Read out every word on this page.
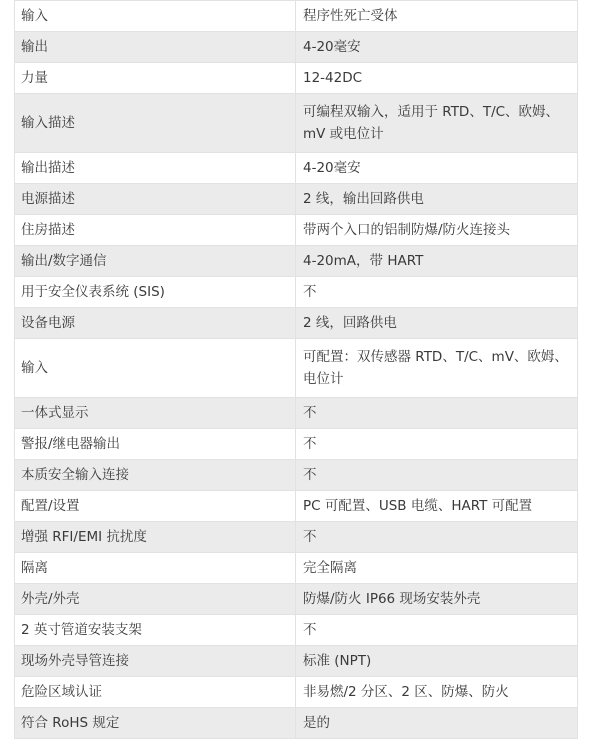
输入	程序性死亡受体
输出	4-20毫安
力量	12-42DC
输入描述	可编程双输入，适用于 RTD、T/C、欧姆、mV 或电位计
输出描述	4-20毫安
电源描述	2 线，输出回路供电
住房描述	带两个入口的铝制防爆/防火连接头
输出/数字通信	4-20mA，带 HART
用于安全仪表系统 (SIS)	不
设备电源	2 线，回路供电
输入	可配置：双传感器 RTD、T/C、mV、欧姆、电位计
一体式显示	不
警报/继电器输出	不
本质安全输入连接	不
配置/设置	PC 可配置、USB 电缆、HART 可配置
增强 RFI/EMI 抗扰度	不
隔离	完全隔离
外壳/外壳	防爆/防火 IP66 现场安装外壳
2 英寸管道安装支架	不
现场外壳导管连接	标准 (NPT)
危险区域认证	非易燃/2 分区、2 区、防爆、防火
符合 RoHS 规定	是的
